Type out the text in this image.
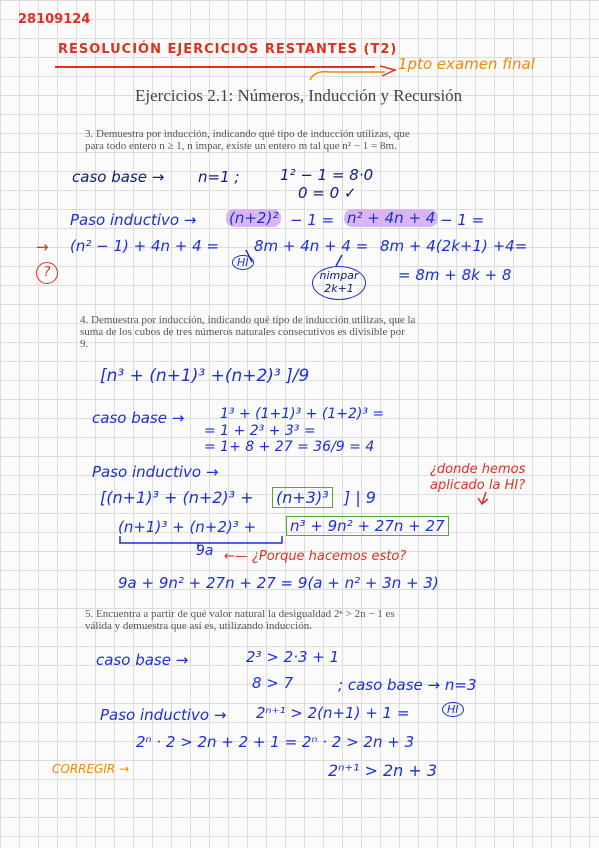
28109124
RESOLUCIÓN EJERCICIOS RESTANTES (T2)
1pto examen final
Ejercicios 2.1: Números, Inducción y Recursión
3. Demuestra por inducción, indicando qué tipo de inducción utilizas, que
para todo entero n ≥ 1, n impar, existe un entero m tal que n² − 1 = 8m.
caso base → n=1 ;	1² − 1 = 8·0
0 = 0 ✓
Paso inductivo → (n+2)² − 1 = n² + 4n + 4 − 1 =
→ (n² − 1) + 4n + 4 = 8m + 4n + 4 = 8m + 4(2k+1) +4=
HI
?	nimpar
2k+1
= 8m + 8k + 8
4. Demuestra por inducción, indicando qué tipo de inducción utilizas, que la
suma de los cubos de tres números naturales consecutivos es divisible por
9.
[n³ + (n+1)³ +(n+2)³ ]/9
caso base →	1³ + (1+1)³ + (1+2)³ =
= 1 + 2³ + 3³ =
= 1+ 8 + 27 = 36/9 = 4
Paso inductivo →	¿donde hemos
aplicado la HI?
[(n+1)³ + (n+2)³ + (n+3)³ ] | 9
(n+1)³ + (n+2)³ + n³ + 9n² + 27n + 27
9a ←— ¿Porque hacemos esto?
9a + 9n² + 27n + 27 = 9(a + n² + 3n + 3)
5. Encuentra a partir de qué valor natural la desigualdad 2ⁿ > 2n − 1 es
válida y demuestra que así es, utilizando inducción.
caso base →	2³ > 2·3 + 1
8 > 7	; caso base → n=3
Paso inductivo → 2ⁿ⁺¹ > 2(n+1) + 1 =	HI
2ⁿ · 2 > 2n + 2 + 1 = 2ⁿ · 2 > 2n + 3
CORREGIR →	2ⁿ⁺¹ > 2n + 3
